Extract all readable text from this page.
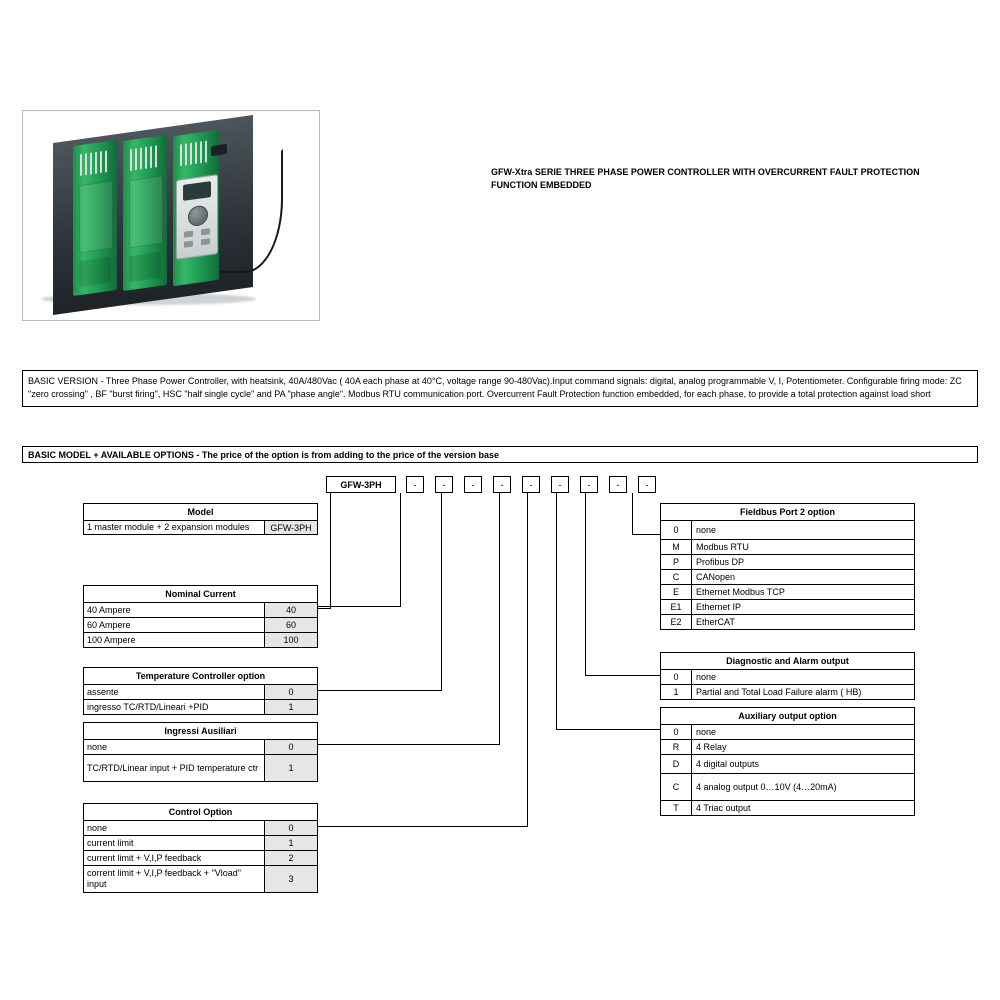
GFW-Xtra SERIE THREE PHASE POWER CONTROLLER WITH OVERCURRENT FAULT PROTECTION FUNCTION EMBEDDED
BASIC VERSION - Three Phase Power Controller, with heatsink, 40A/480Vac ( 40A each phase at 40°C, voltage range 90-480Vac).Input command signals: digital, analog programmable V, I, Potentiometer. Configurable firing mode: ZC "zero crossing" , BF "burst firing", HSC "half single cycle" and PA "phase angle". Modbus RTU communication port. Overcurrent Fault Protection function embedded, for each phase, to provide a total protection against load short
BASIC MODEL + AVAILABLE OPTIONS - The price of the option is from adding to the price of the version base
GFW-3PH	-	-	-	-	-	-	-	-	-
Model
1 master module + 2 expansion modules	GFW-3PH
Nominal Current
40 Ampere	40
60 Ampere	60
100 Ampere	100
Temperature Controller option
assente	0
ingresso TC/RTD/Lineari +PID	1
Ingressi Ausiliari
none	0
TC/RTD/Linear input + PID temperature ctr	1
Control Option
none	0
current limit	1
current limit + V,I,P feedback	2
corrent limit + V,I,P feedback + "Vload" input	3
Fieldbus Port 2 option
0	none
M	Modbus RTU
P	Profibus DP
C	CANopen
E	Ethernet Modbus TCP
E1	Ethernet IP
E2	EtherCAT
Diagnostic and Alarm output
0	none
1	Partial and Total Load Failure alarm ( HB)
Auxiliary output option
0	none
R	4 Relay
D	4 digital outputs
C	4 analog output 0…10V (4…20mA)
T	4 Triac output
